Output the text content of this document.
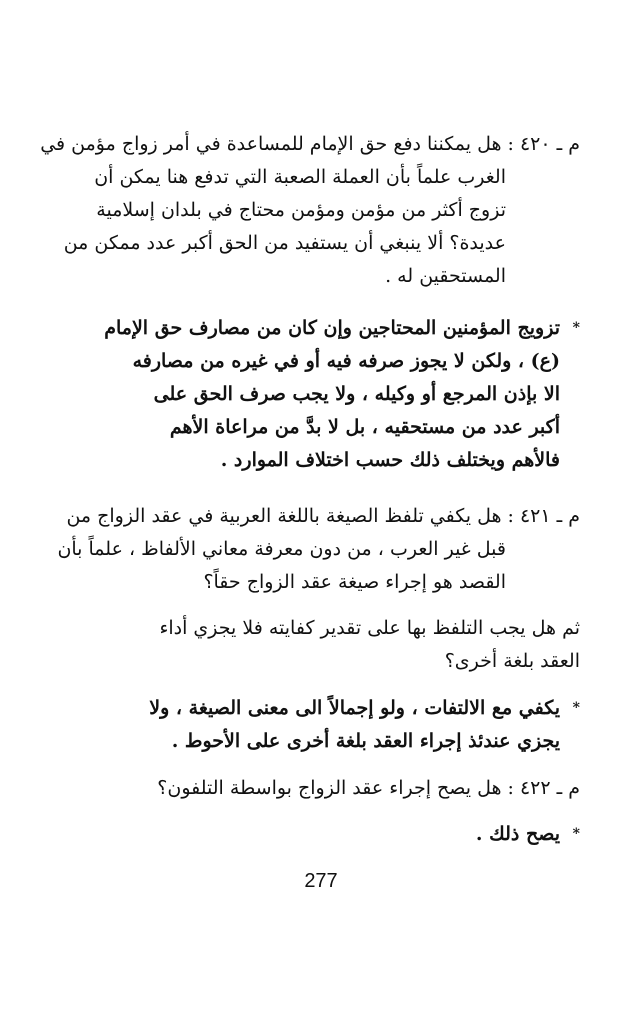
م ـ ٤٢٠ :هل يمكننا دفع حق الإمام للمساعدة في أمر زواج مؤمن في
الغرب علماً بأن العملة الصعبة التي تدفع هنا يمكن أن
تزوج أكثر من مؤمن ومؤمن محتاج في بلدان إسلامية
عديدة؟ ألا ينبغي أن يستفيد من الحق أكبر عدد ممكن من
المستحقين له .
*
تزويج المؤمنين المحتاجين وإن كان من مصارف حق الإمام
(ع) ، ولكن لا يجوز صرفه فيه أو في غيره من مصارفه
الا بإذن المرجع أو وكيله ، ولا يجب صرف الحق على
أكبر عدد من مستحقيه ، بل لا بدَّ من مراعاة الأهم
فالأهم ويختلف ذلك حسب اختلاف الموارد .
م ـ ٤٢١ :هل يكفي تلفظ الصيغة باللغة العربية في عقد الزواج من
قبل غير العرب ، من دون معرفة معاني الألفاظ ، علماً بأن
القصد هو إجراء صيغة عقد الزواج حقاً؟
ثم هل يجب التلفظ بها على تقدير كفايته فلا يجزي أداء
العقد بلغة أخرى؟
*
يكفي مع الالتفات ، ولو إجمالاً الى معنى الصيغة ، ولا
يجزي عندئذ إجراء العقد بلغة أخرى على الأحوط .
م ـ ٤٢٢ :هل يصح إجراء عقد الزواج بواسطة التلفون؟
*
يصح ذلك .
277
